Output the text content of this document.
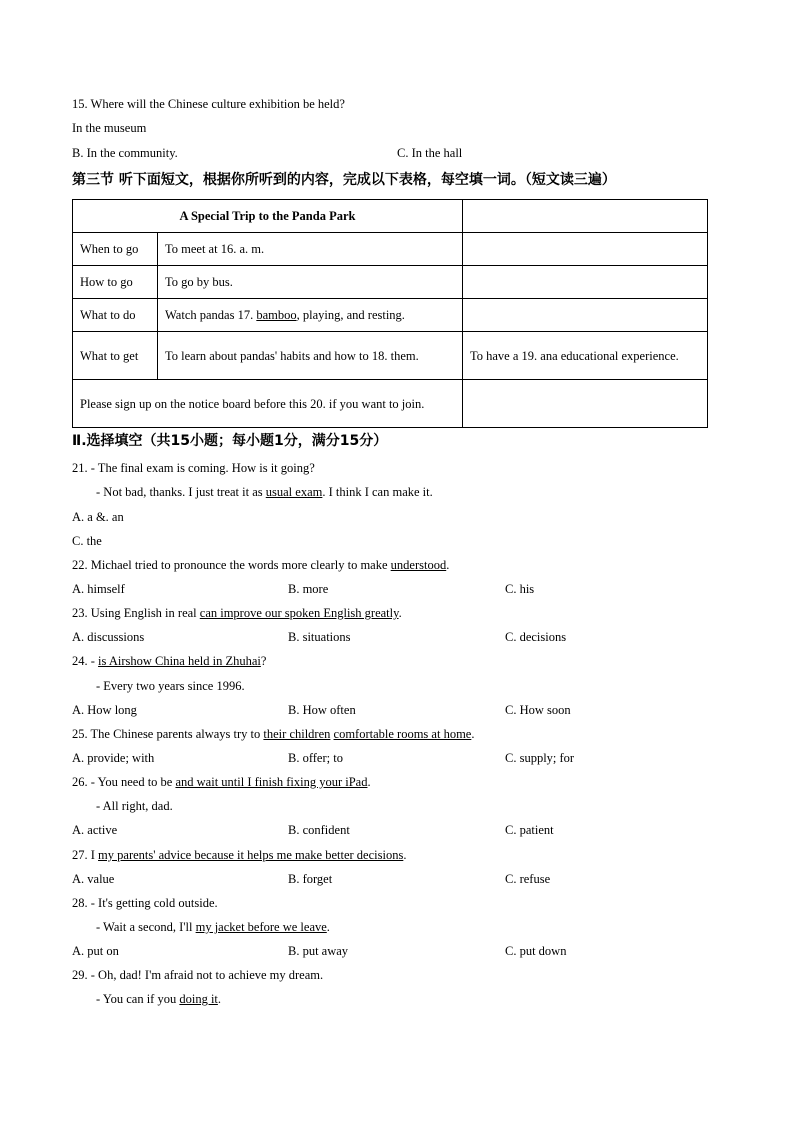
15. Where will the Chinese culture exhibition be held?
In the museum
B. In the community.	C. In the hall
第三节 听下面短文，根据你所听到的内容，完成以下表格，每空填一词。（短文读三遍）
A Special Trip to the Panda Park		
When to go	To meet at 16. a. m.	
How to go	To go by bus.	
What to do	Watch pandas 17. bamboo, playing, and resting.	
What to get	To learn about pandas' habits and how to 18. them.	To have a 19. ana educational experience.
Please sign up on the notice board before this 20. if you want to join.		
Ⅱ.选择填空（共15小题；每小题1分，满分15分）
21. - The final exam is coming. How is it going?
- Not bad, thanks. I just treat it as usual exam. I think I can make it.
A. a &. an
C. the
22. Michael tried to pronounce the words more clearly to make understood.
A. himself	B. more	C. his
23. Using English in real can improve our spoken English greatly.
A. discussions	B. situations	C. decisions
24. - is Airshow China held in Zhuhai?
- Every two years since 1996.
A. How long	B. How often	C. How soon
25. The Chinese parents always try to their children comfortable rooms at home.
A. provide; with	B. offer; to	C. supply; for
26. - You need to be and wait until I finish fixing your iPad.
- All right, dad.
A. active	B. confident	C. patient
27. I my parents' advice because it helps me make better decisions.
A. value	B. forget	C. refuse
28. - It's getting cold outside.
- Wait a second, I'll my jacket before we leave.
A. put on	B. put away	C. put down
29. - Oh, dad! I'm afraid not to achieve my dream.
- You can if you doing it.
